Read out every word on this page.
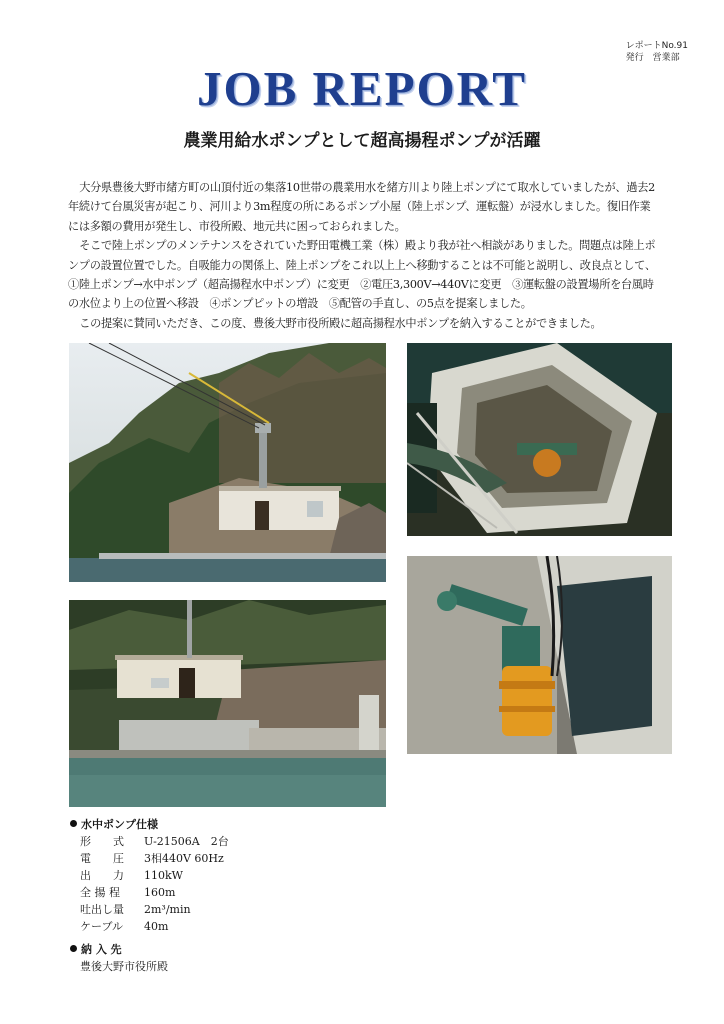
レポートNo.91
発行　営業部
JOB REPORT
農業用給水ポンプとして超高揚程ポンプが活躍

大分県豊後大野市緒方町の山頂付近の集落10世帯の農業用水を緒方川より陸上ポンプにて取水していましたが、過去2年続けて台風災害が起こり、河川より3m程度の所にあるポンプ小屋（陸上ポンプ、運転盤）が浸水しました。復旧作業には多額の費用が発生し、市役所殿、地元共に困っておられました。

そこで陸上ポンプのメンテナンスをされていた野田電機工業（株）殿より我が社へ相談がありました。問題点は陸上ポンプの設置位置でした。自吸能力の関係上、陸上ポンプをこれ以上上へ移動することは不可能と説明し、改良点として、①陸上ポンプ→水中ポンプ（超高揚程水中ポンプ）に変更　②電圧3,300V→440Vに変更　③運転盤の設置場所を台風時の水位より上の位置へ移設　④ポンプピットの増設　⑤配管の手直し、の5点を提案しました。

この提案に賛同いただき、この度、豊後大野市役所殿に超高揚程水中ポンプを納入することができました。

水中ポンプ仕様
形　　式	U-21506A　2台
電　　圧	3相440V 60Hz
出　　力	110kW
全 揚 程	160m
吐出し量	2m³/min
ケーブル	40m
納 入 先
豊後大野市役所殿
